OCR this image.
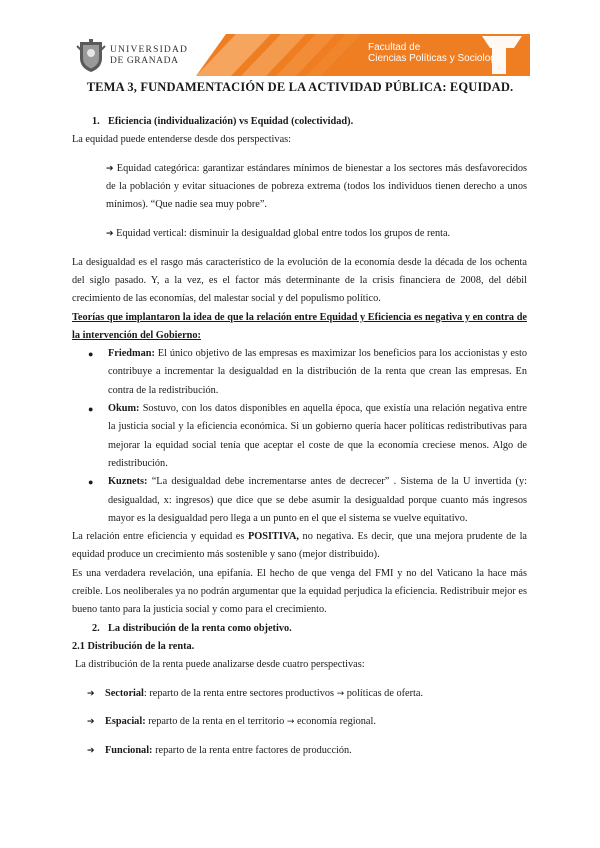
UNIVERSIDAD
DE GRANADA
Facultad de
Ciencias Políticas y Sociología
TEMA 3, FUNDAMENTACIÓN DE LA ACTIVIDAD PÚBLICA: EQUIDAD.

1. Eficiencia (individualización) vs Equidad (colectividad).

La equidad puede entenderse desde dos perspectivas:

➔ Equidad categórica: garantizar estándares mínimos de bienestar a los sectores más desfavorecidos de la población y evitar situaciones de pobreza extrema (todos los individuos tienen derecho a unos mínimos). “Que nadie sea muy pobre”.

➔ Equidad vertical: disminuir la desigualdad global entre todos los grupos de renta.

La desigualdad es el rasgo más característico de la evolución de la economía desde la década de los ochenta del siglo pasado. Y, a la vez, es el factor más determinante de la crisis financiera de 2008, del débil crecimiento de las economías, del malestar social y del populismo político.

Teorías que implantaron la idea de que la relación entre Equidad y Eficiencia es negativa y en contra de la intervención del Gobierno:

● Friedman: El único objetivo de las empresas es maximizar los beneficios para los accionistas y esto contribuye a incrementar la desigualdad en la distribución de la renta que crean las empresas. En contra de la redistribución.
● Okum: Sostuvo, con los datos disponibles en aquella época, que existía una relación negativa entre la justicia social y la eficiencia económica. Si un gobierno quería hacer políticas redistributivas para mejorar la equidad social tenía que aceptar el coste de que la economía creciese menos. Algo de redistribución.
● Kuznets: “La desigualdad debe incrementarse antes de decrecer” . Sistema de la U invertida (y: desigualdad, x: ingresos) que dice que se debe asumir la desigualdad porque cuanto más ingresos mayor es la desigualdad pero llega a un punto en el que el sistema se vuelve equitativo.

La relación entre eficiencia y equidad es POSITIVA, no negativa. Es decir, que una mejora prudente de la equidad produce un crecimiento más sostenible y sano (mejor distribuido).

Es una verdadera revelación, una epifanía. El hecho de que venga del FMI y no del Vaticano la hace más creíble. Los neoliberales ya no podrán argumentar que la equidad perjudica la eficiencia. Redistribuir mejor es bueno tanto para la justicia social y como para el crecimiento.

2. La distribución de la renta como objetivo.

2.1 Distribución de la renta.

La distribución de la renta puede analizarse desde cuatro perspectivas:

➔ Sectorial: reparto de la renta entre sectores productivos → políticas de oferta.

➔ Espacial: reparto de la renta en el territorio → economía regional.

➔ Funcional: reparto de la renta entre factores de producción.
